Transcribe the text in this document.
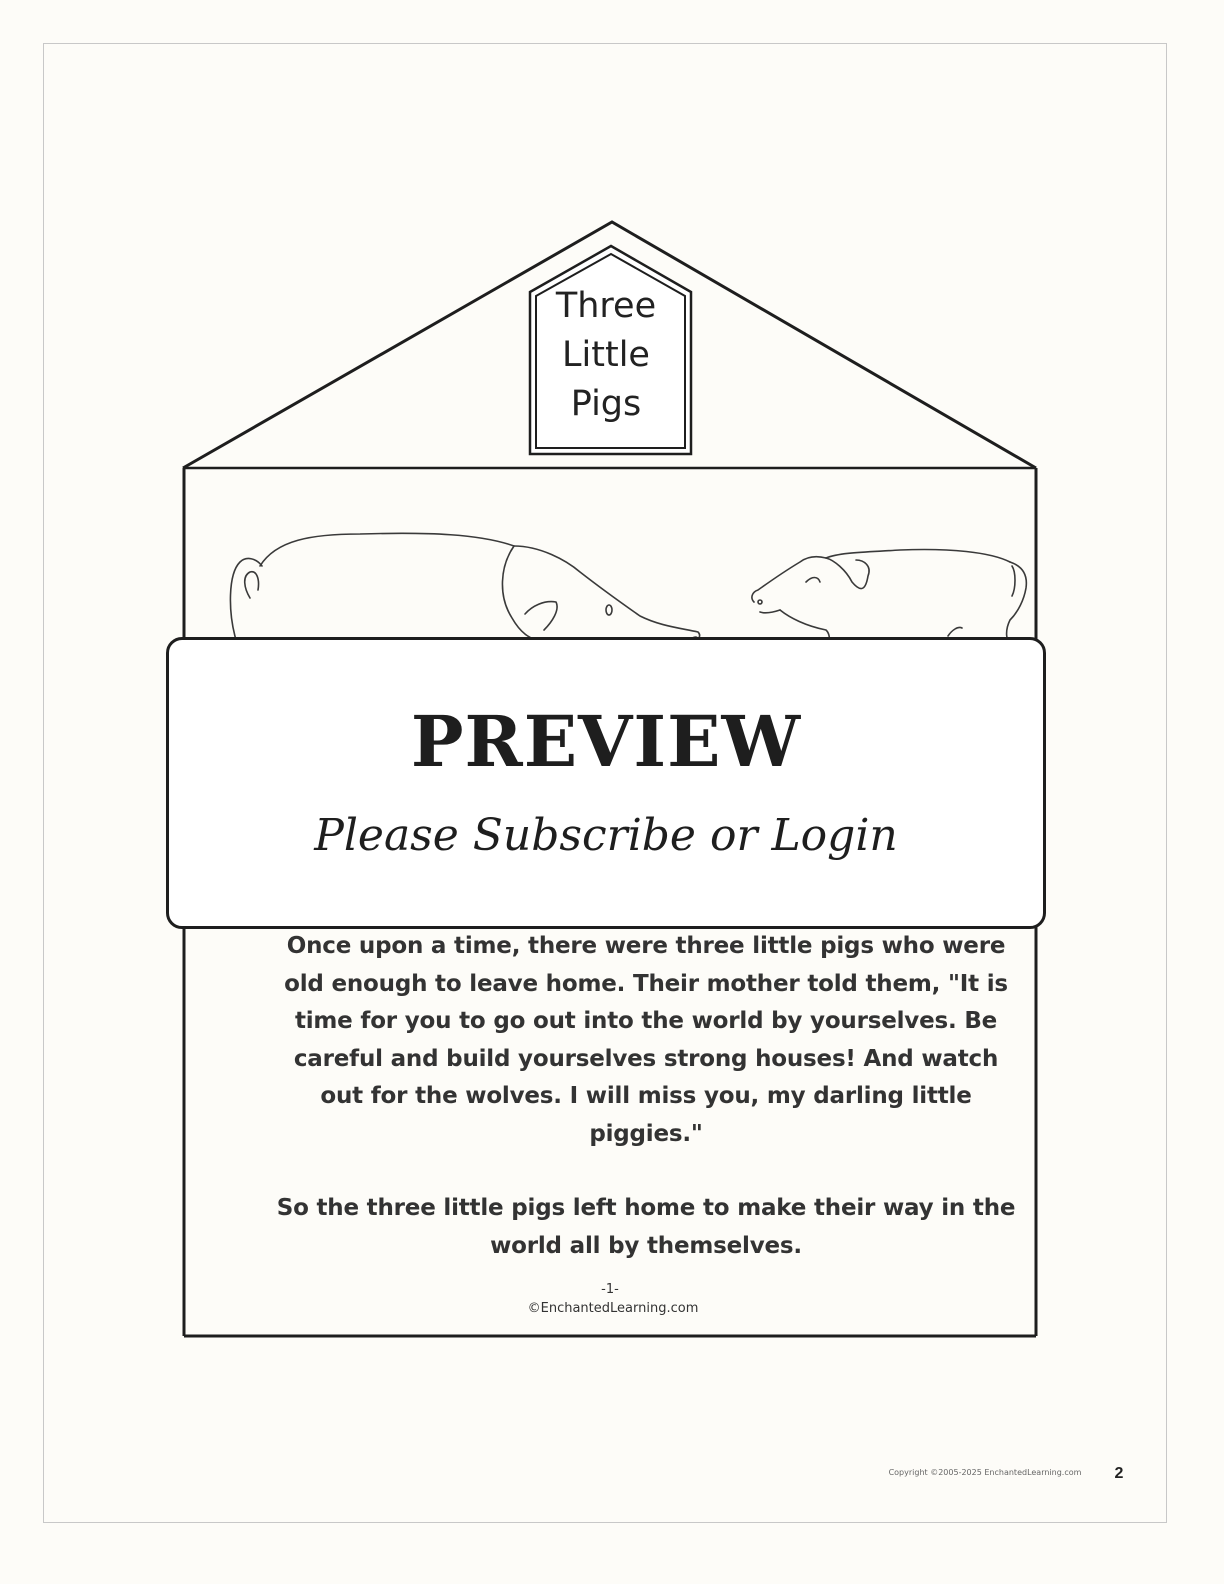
Three
Little
Pigs
PREVIEW
Please Subscribe or Login

Once upon a time, there were three little pigs who were old enough to leave home. Their mother told them, "It is time for you to go out into the world by yourselves. Be careful and build yourselves strong houses! And watch out for the wolves. I will miss you, my darling little piggies."

So the three little pigs left home to make their way in the world all by themselves.

-1-
©EnchantedLearning.com
Copyright ©2005-2025 EnchantedLearning.com	2
